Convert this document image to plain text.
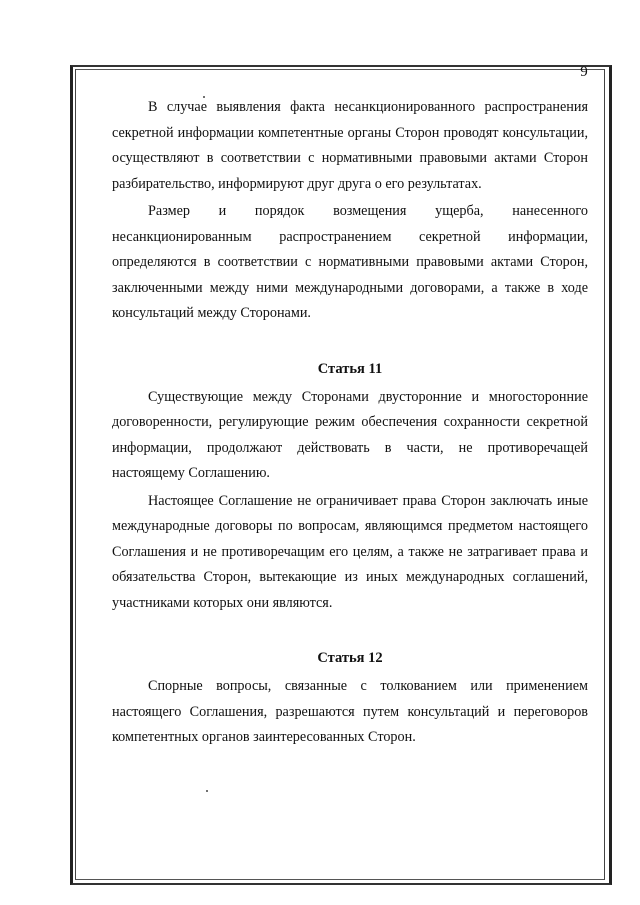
9

В случае выявления факта несанкционированного распространения секретной информации компетентные органы Сторон проводят консультации, осуществляют в соответствии с нормативными правовыми актами Сторон разбирательство, информируют друг друга о его результатах.

Размер и порядок возмещения ущерба, нанесенного несанкционированным распространением секретной информации, определяются в соответствии с нормативными правовыми актами Сторон, заключенными между ними международными договорами, а также в ходе консультаций между Сторонами.

Статья 11

Существующие между Сторонами двусторонние и многосторонние договоренности, регулирующие режим обеспечения сохранности секретной информации, продолжают действовать в части, не противоречащей настоящему Соглашению.

Настоящее Соглашение не ограничивает права Сторон заключать иные международные договоры по вопросам, являющимся предметом настоящего Соглашения и не противоречащим его целям, а также не затрагивает права и обязательства Сторон, вытекающие из иных международных соглашений, участниками которых они являются.

Статья 12

Спорные вопросы, связанные с толкованием или применением настоящего Соглашения, разрешаются путем консультаций и переговоров компетентных органов заинтересованных Сторон.
